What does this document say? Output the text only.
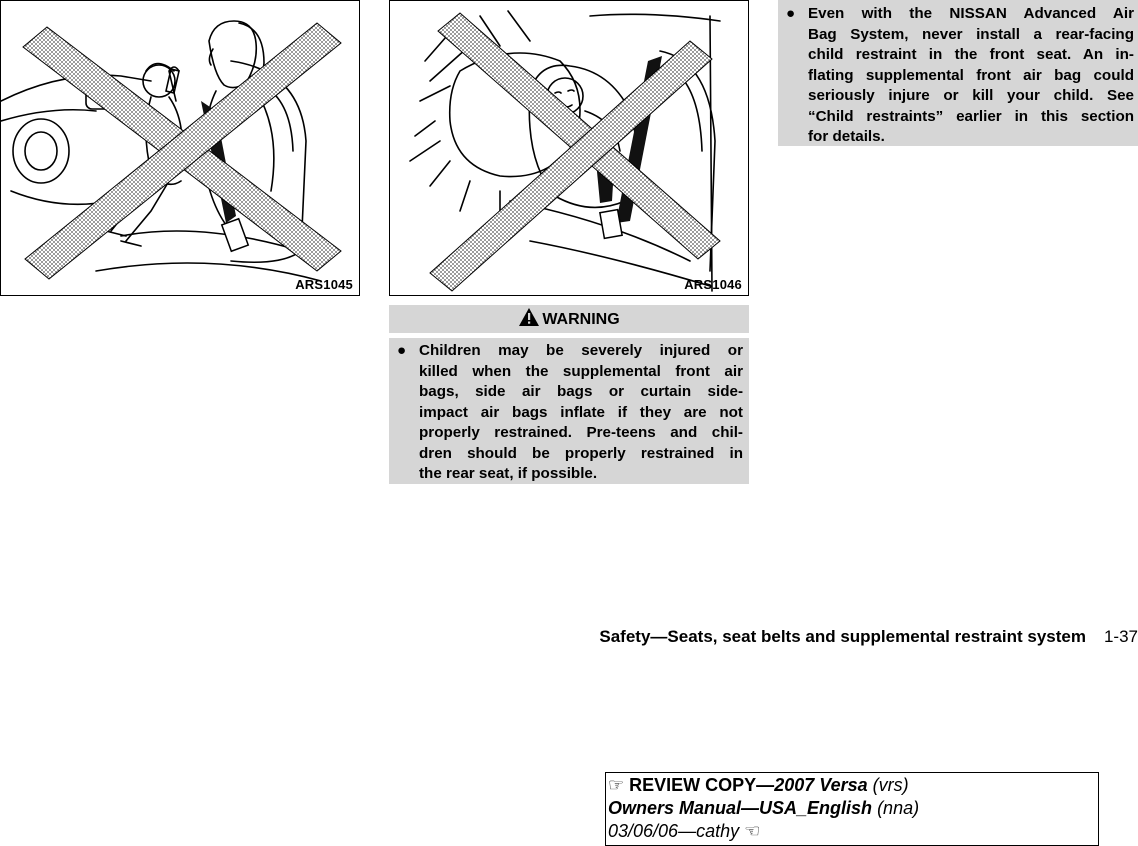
ARS1045	ARS1046
WARNING
● Children may be severely injured or
killed when the supplemental front air
bags, side air bags or curtain side-
impact air bags inflate if they are not
properly restrained. Pre-teens and chil-
dren should be properly restrained in
the rear seat, if possible.
● Even with the NISSAN Advanced Air
Bag System, never install a rear-facing
child restraint in the front seat. An in-
flating supplemental front air bag could
seriously injure or kill your child. See
“Child restraints” earlier in this section
for details.
Safety—Seats, seat belts and supplemental restraint system 1-37
☞ REVIEW COPY—2007 Versa (vrs)
Owners Manual—USA_English (nna)
03/06/06—cathy ☜
